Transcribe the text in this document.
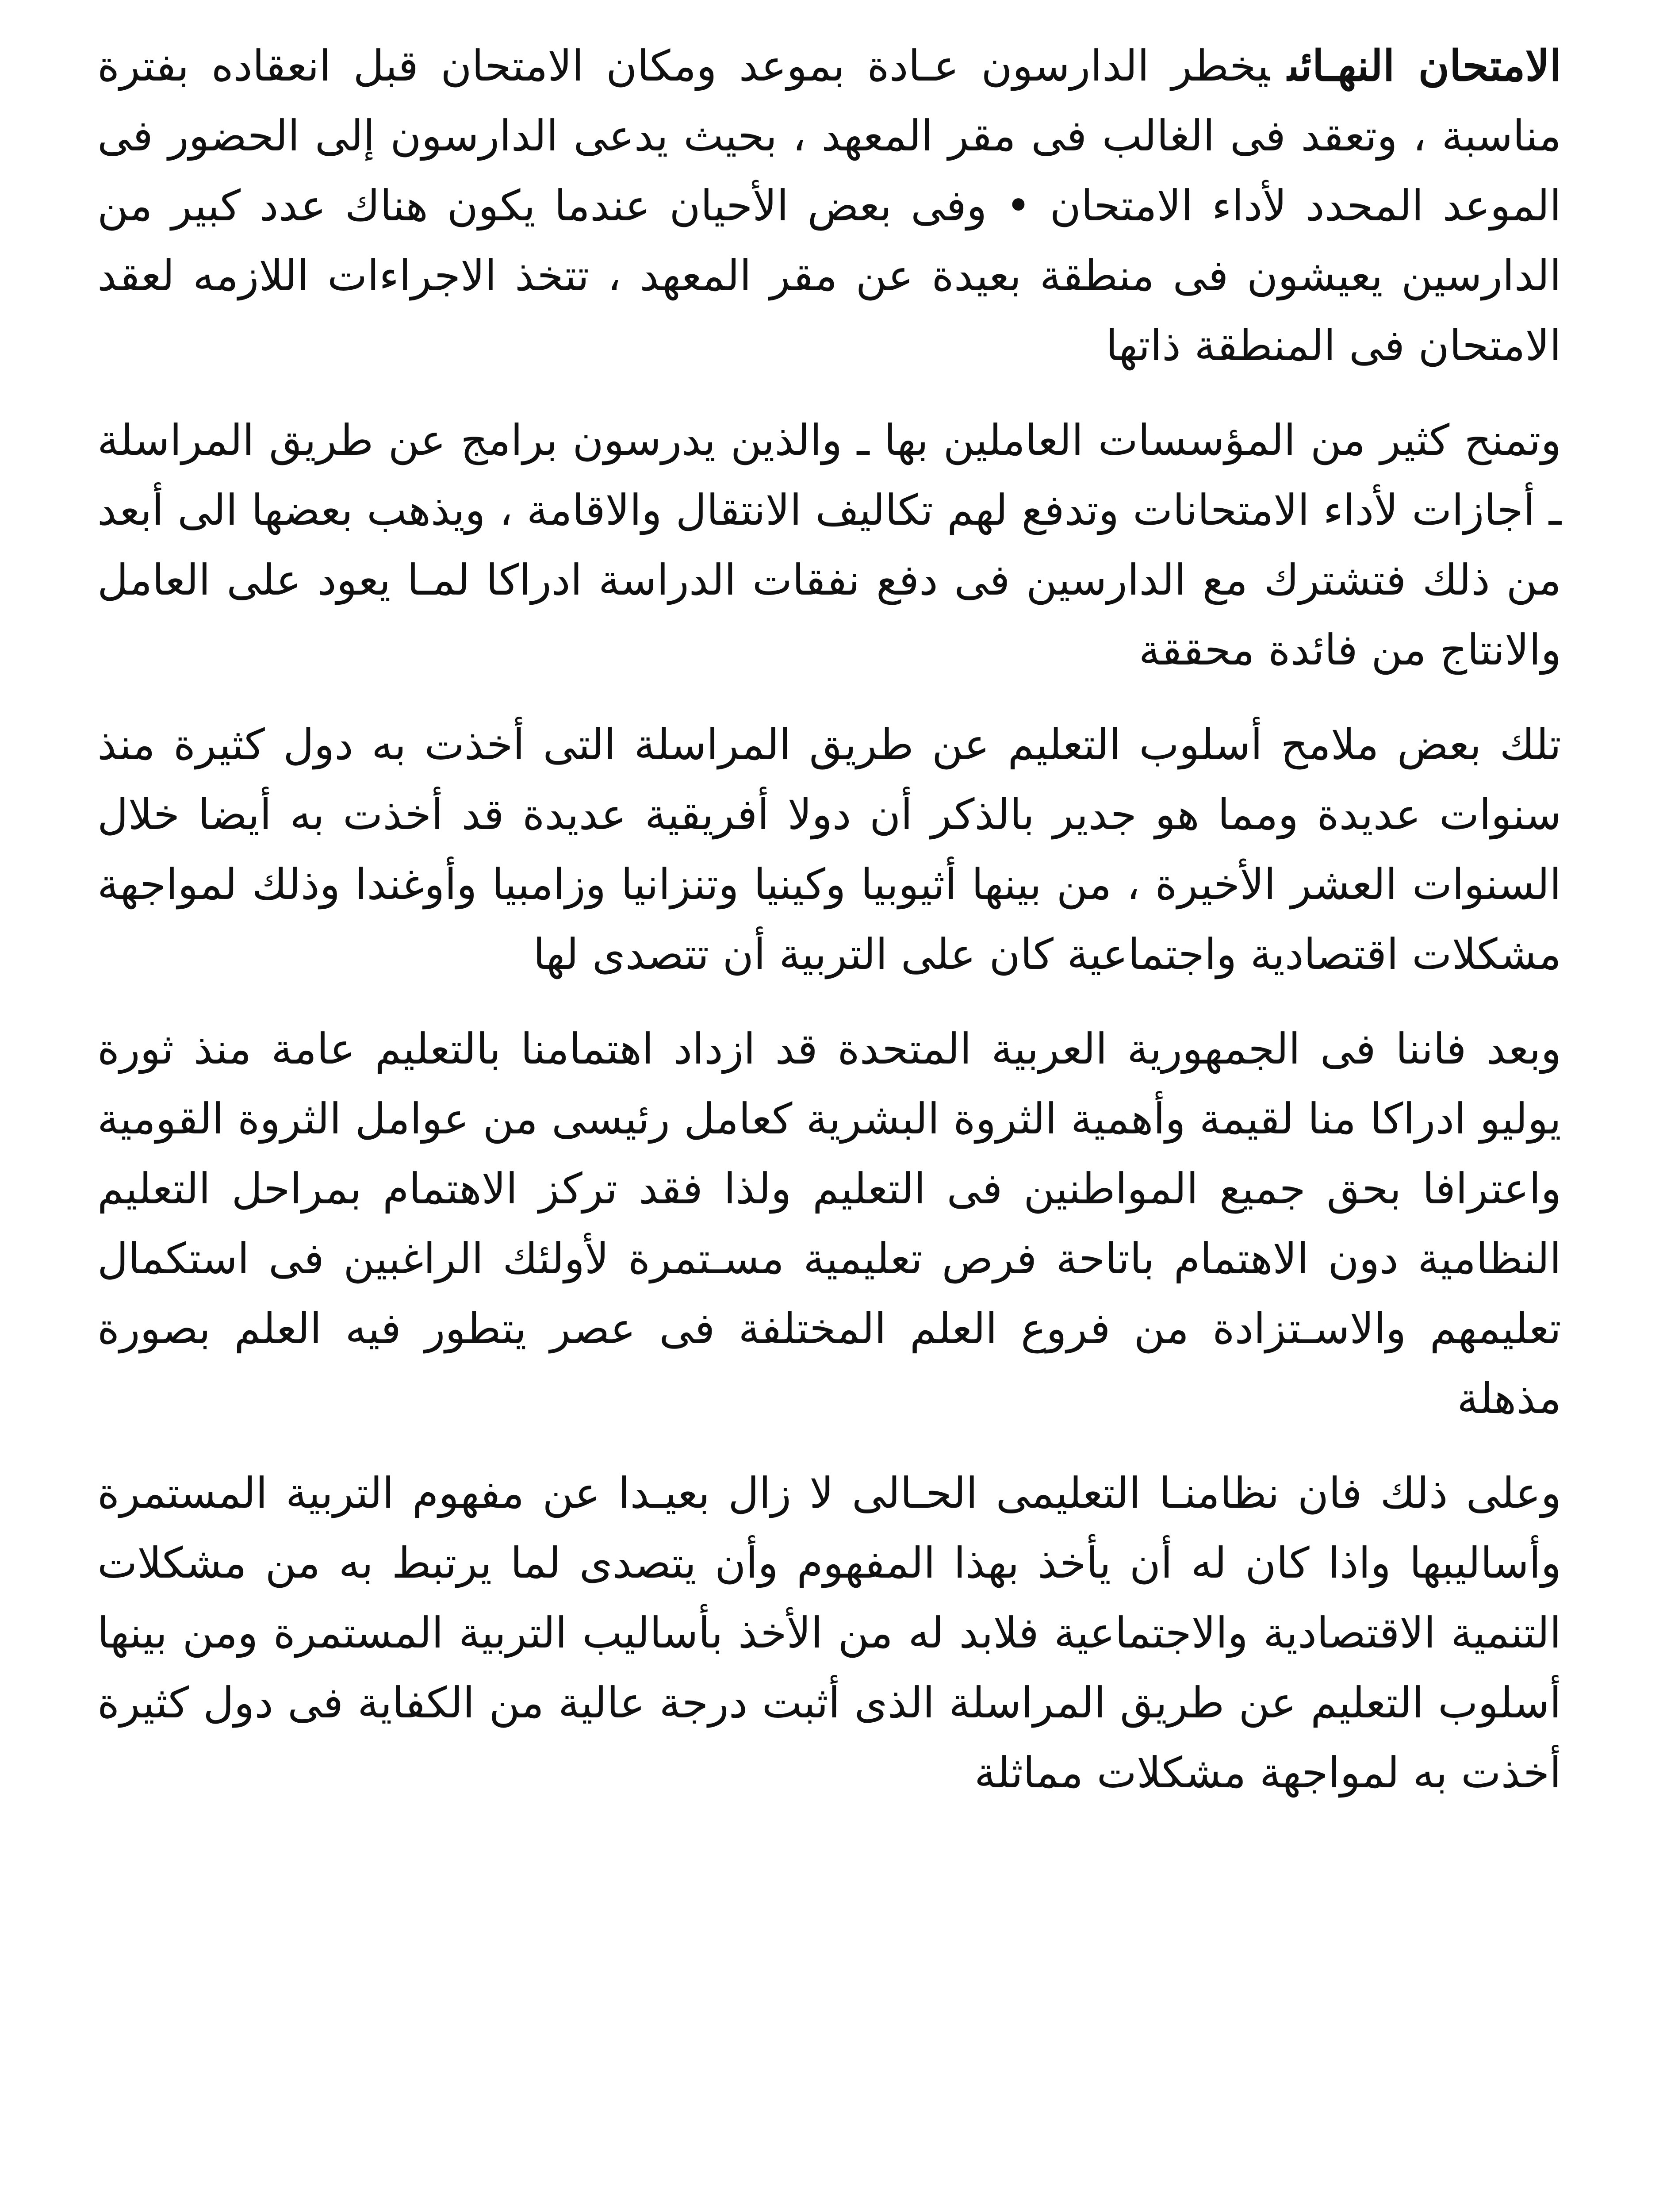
الامتحان النهـائىيخطر الدارسون عـادة بموعد ومكان الامتحان قبل انعقاده بفترة مناسبة ، وتعقد فى الغالب فى مقر المعهد ، بحيث يدعى الدارسون إلى الحضور فى الموعد المحدد لأداء الامتحان • وفى بعض الأحيان عندما يكون هناك عدد كبير من الدارسين يعيشون فى منطقة بعيدة عن مقر المعهد ، تتخذ الاجراءات اللازمه لعقد الامتحان فى المنطقة ذاتها

وتمنح كثير من المؤسسات العاملين بها ـ والذين يدرسون برامج عن طريق المراسلة ـ أجازات لأداء الامتحانات وتدفع لهم تكاليف الانتقال والاقامة ، ويذهب بعضها الى أبعد من ذلك فتشترك مع الدارسين فى دفع نفقات الدراسة ادراكا لمـا يعود على العامل والانتاج من فائدة محققة

تلك بعض ملامح أسلوب التعليم عن طريق المراسلة التى أخذت به دول كثيرة منذ سنوات عديدة ومما هو جدير بالذكر أن دولا أفريقية عديدة قد أخذت به أيضا خلال السنوات العشر الأخيرة ، من بينها أثيوبيا وكينيا وتنزانيا وزامبيا وأوغندا وذلك لمواجهة مشكلات اقتصادية واجتماعية كان على التربية أن تتصدى لها

وبعد فاننا فى الجمهورية العربية المتحدة قد ازداد اهتمامنا بالتعليم عامة منذ ثورة يوليو ادراكا منا لقيمة وأهمية الثروة البشرية كعامل رئيسى من عوامل الثروة القومية واعترافا بحق جميع المواطنين فى التعليم ولذا فقد تركز الاهتمام بمراحل التعليم النظامية دون الاهتمام باتاحة فرص تعليمية مسـتمرة لأولئك الراغبين فى استكمال تعليمهم والاسـتزادة من فروع العلم المختلفة فى عصر يتطور فيه العلم بصورة مذهلة

وعلى ذلك فان نظامنـا التعليمى الحـالى لا زال بعيـدا عن مفهوم التربية المستمرة وأساليبها واذا كان له أن يأخذ بهذا المفهوم وأن يتصدى لما يرتبط به من مشكلات التنمية الاقتصادية والاجتماعية فلابد له من الأخذ بأساليب التربية المستمرة ومن بينها أسلوب التعليم عن طريق المراسلة الذى أثبت درجة عالية من الكفاية فى دول كثيرة أخذت به لمواجهة مشكلات مماثلة
